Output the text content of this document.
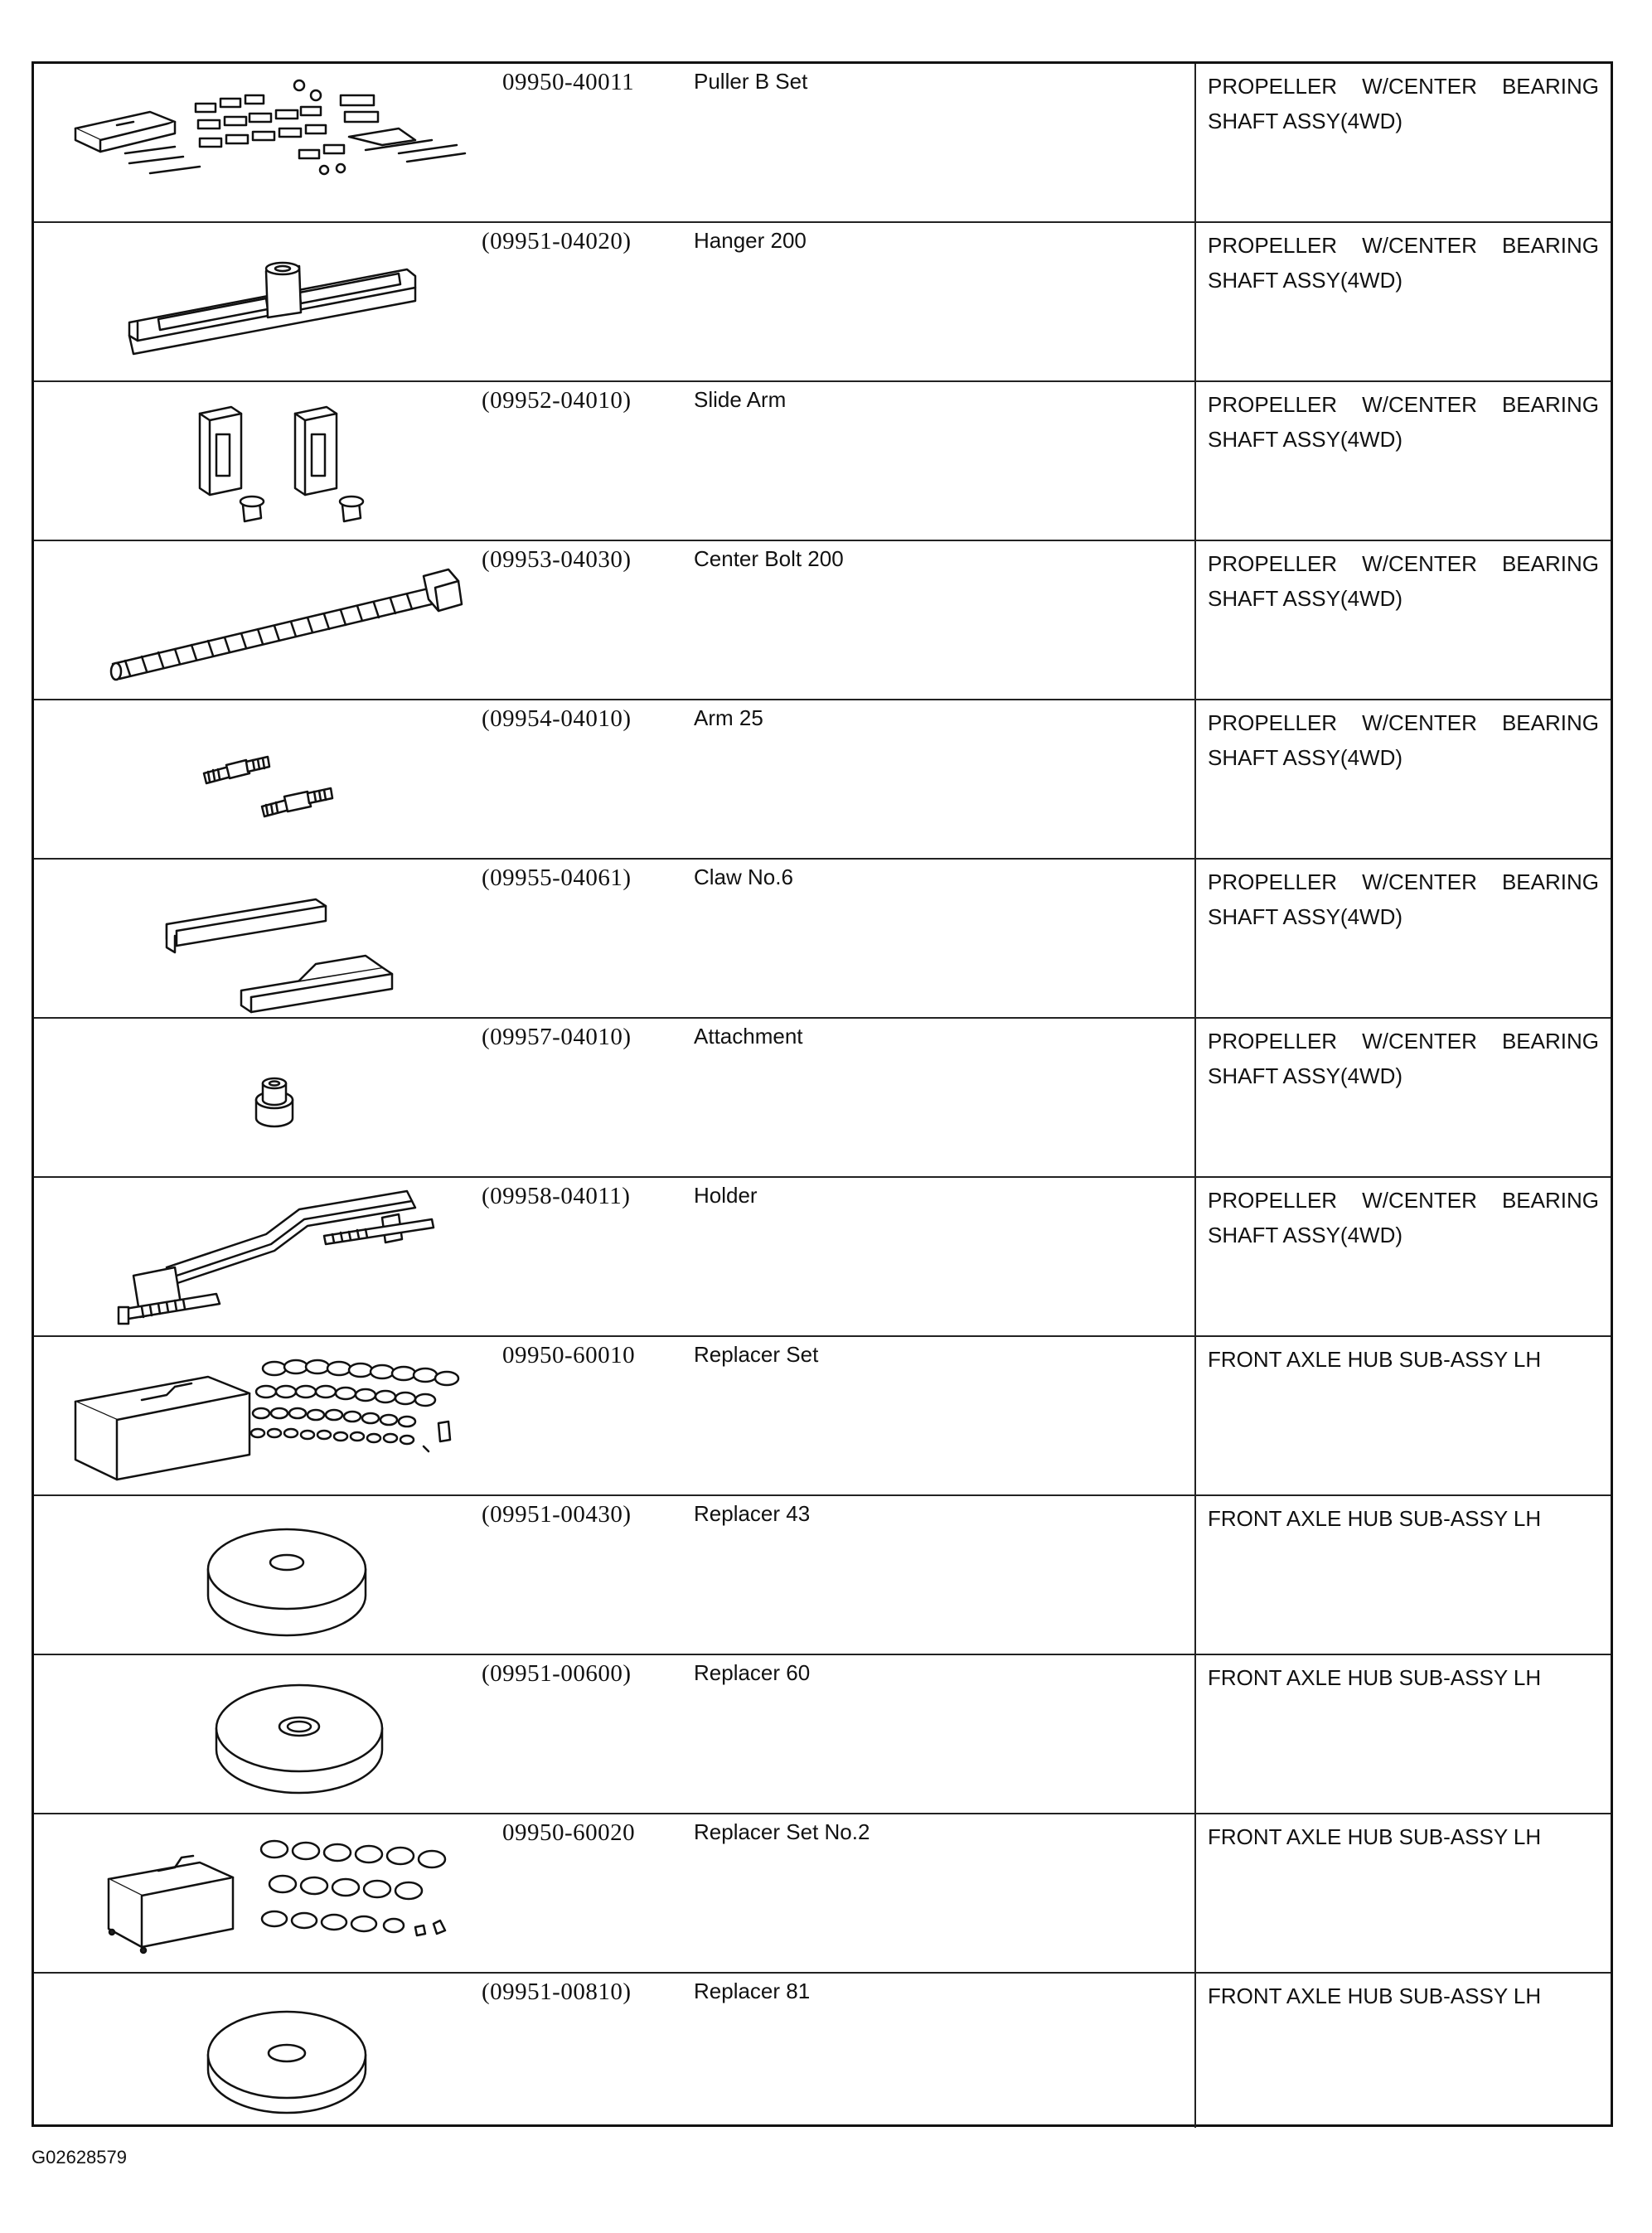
09950-40011	Puller B Set	PROPELLER W/CENTER BEARING
SHAFT ASSY(4WD)
(09951-04020)	Hanger 200	PROPELLER W/CENTER BEARING
SHAFT ASSY(4WD)
(09952-04010)	Slide Arm	PROPELLER W/CENTER BEARING
SHAFT ASSY(4WD)
(09953-04030)	Center Bolt 200	PROPELLER W/CENTER BEARING
SHAFT ASSY(4WD)
(09954-04010)	Arm 25	PROPELLER W/CENTER BEARING
SHAFT ASSY(4WD)
(09955-04061)	Claw No.6	PROPELLER W/CENTER BEARING
SHAFT ASSY(4WD)
(09957-04010)	Attachment	PROPELLER W/CENTER BEARING
SHAFT ASSY(4WD)
(09958-04011)	Holder	PROPELLER W/CENTER BEARING
SHAFT ASSY(4WD)
09950-60010	Replacer Set	FRONT AXLE HUB SUB-ASSY LH
(09951-00430)	Replacer 43	FRONT AXLE HUB SUB-ASSY LH
(09951-00600)	Replacer 60	FRONT AXLE HUB SUB-ASSY LH
09950-60020	Replacer Set No.2	FRONT AXLE HUB SUB-ASSY LH
(09951-00810)	Replacer 81	FRONT AXLE HUB SUB-ASSY LH
G02628579
